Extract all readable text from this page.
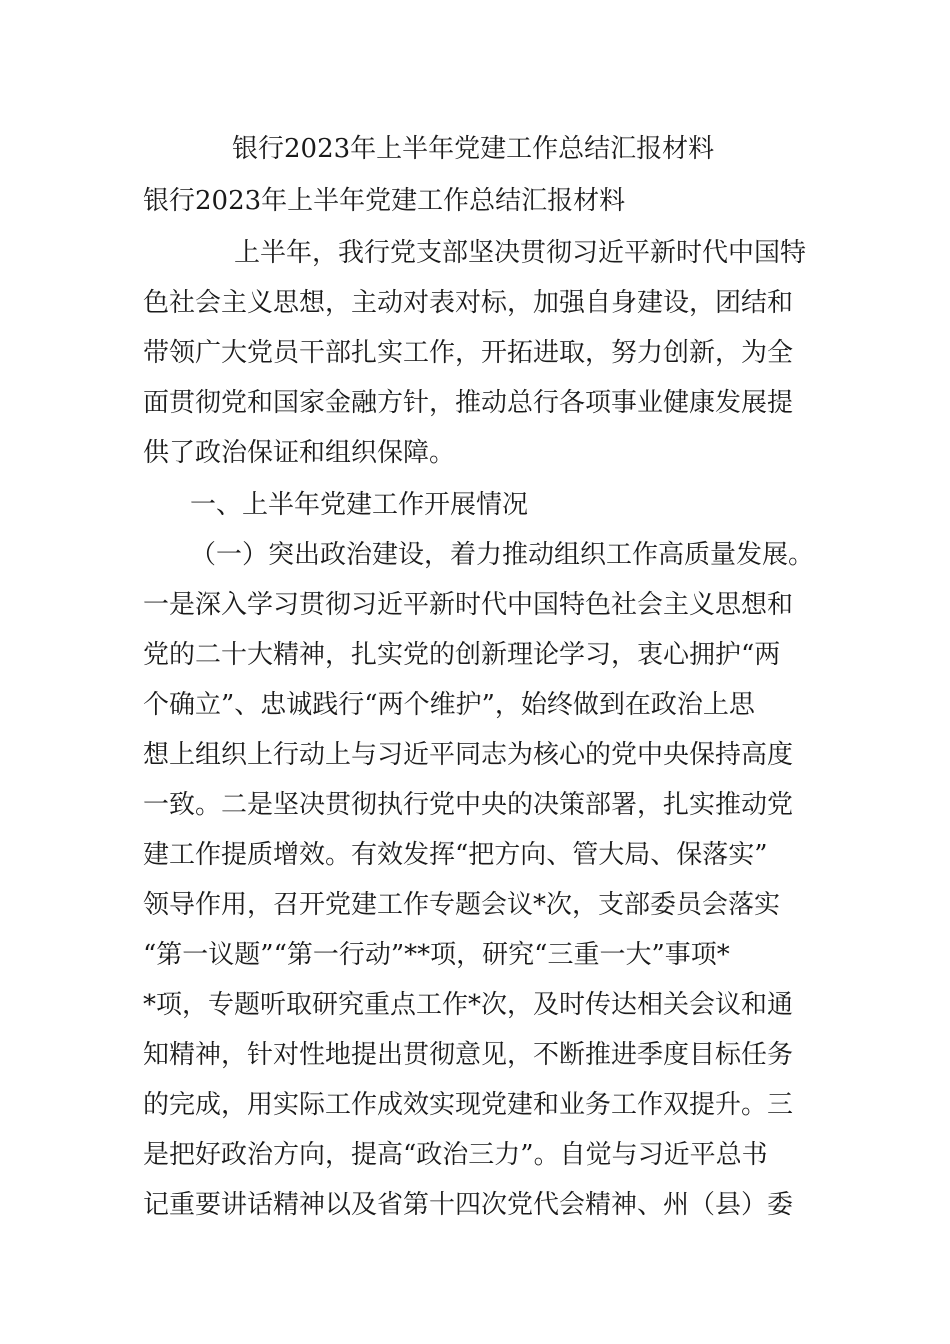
银行2023年上半年党建工作总结汇报材料
银行2023年上半年党建工作总结汇报材料
上半年，我行党支部坚决贯彻习近平新时代中国特
色社会主义思想，主动对表对标，加强自身建设，团结和
带领广大党员干部扎实工作，开拓进取，努力创新，为全
面贯彻党和国家金融方针，推动总行各项事业健康发展提
供了政治保证和组织保障。
一、上半年党建工作开展情况
（一）突出政治建设，着力推动组织工作高质量发展。
一是深入学习贯彻习近平新时代中国特色社会主义思想和
党的二十大精神，扎实党的创新理论学习，衷心拥护“两
个确立”、忠诚践行“两个维护”，始终做到在政治上思
想上组织上行动上与习近平同志为核心的党中央保持高度
一致。二是坚决贯彻执行党中央的决策部署，扎实推动党
建工作提质增效。有效发挥“把方向、管大局、保落实”
领导作用，召开党建工作专题会议*次，支部委员会落实
“第一议题”“第一行动”**项，研究“三重一大”事项*
*项，专题听取研究重点工作*次，及时传达相关会议和通
知精神，针对性地提出贯彻意见，不断推进季度目标任务
的完成，用实际工作成效实现党建和业务工作双提升。三
是把好政治方向，提高“政治三力”。自觉与习近平总书
记重要讲话精神以及省第十四次党代会精神、州（县）委
